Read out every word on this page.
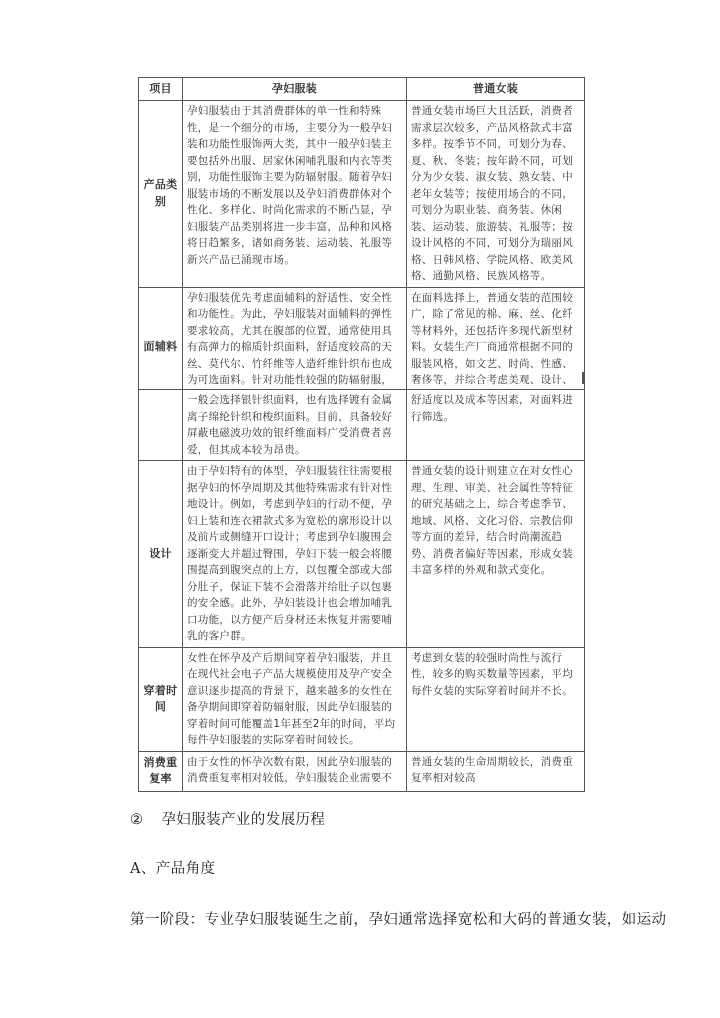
项目	孕妇服装	普通女装
产品类别	孕妇服装由于其消费群体的单一性和特殊性，是一个细分的市场，主要分为一般孕妇装和功能性服饰两大类，其中一般孕妇装主要包括外出服、居家休闲哺乳服和内衣等类别，功能性服饰主要为防辐射服。随着孕妇服装市场的不断发展以及孕妇消费群体对个性化、多样化、时尚化需求的不断凸显，孕妇服装产品类别将进一步丰富，品种和风格将日趋繁多，诸如商务装、运动装、礼服等新兴产品已涌现市场。	普通女装市场巨大且活跃，消费者需求层次较多，产品风格款式丰富多样。按季节不同，可划分为春、夏、秋、冬装；按年龄不同，可划分为少女装、淑女装、熟女装、中老年女装等；按使用场合的不同，可划分为职业装、商务装、休闲装、运动装、旅游装、礼服等；按设计风格的不同，可划分为瑞丽风格、日韩风格、学院风格、欧美风格、通勤风格、民族风格等。
面辅料	孕妇服装优先考虑面辅料的舒适性、安全性和功能性。为此，孕妇服装对面辅料的弹性要求较高，尤其在腹部的位置，通常使用具有高弹力的棉质针织面料，舒适度较高的天丝、莫代尔、竹纤维等人造纤维针织布也成为可选面料。针对功能性较强的防辐射服，	在面料选择上，普通女装的范围较广，除了常见的棉、麻、丝、化纤等材料外，还包括许多现代新型材料。女装生产厂商通常根据不同的服装风格，如文艺、时尚、性感、奢侈等，并综合考虑美观、设计、
	一般会选择银针织面料，也有选择镀有金属离子绵纶针织和梭织面料。目前，具备较好屏蔽电磁波功效的银纤维面料广受消费者喜爱，但其成本较为昂贵。	舒适度以及成本等因素，对面料进行筛选。
设计	由于孕妇特有的体型，孕妇服装往往需要根据孕妇的怀孕周期及其他特殊需求有针对性地设计。例如，考虑到孕妇的行动不便，孕妇上装和连衣裙款式多为宽松的廓形设计以及前片或侧缝开口设计；考虑到孕妇腹围会逐渐变大并超过臀围，孕妇下装一般会将腰围提高到腹突点的上方，以包覆全部或大部分肚子，保证下装不会滑落并给肚子以包裹的安全感。此外，孕妇装设计也会增加哺乳口功能，以方便产后身材还未恢复并需要哺乳的客户群。	普通女装的设计则建立在对女性心理、生理、审美、社会属性等特征的研究基础之上，综合考虑季节、地域、风格、文化习俗、宗教信仰等方面的差异，结合时尚潮流趋势、消费者偏好等因素，形成女装丰富多样的外观和款式变化。
穿着时间	女性在怀孕及产后期间穿着孕妇服装，并且在现代社会电子产品大规模使用及孕产安全意识逐步提高的背景下，越来越多的女性在备孕期间即穿着防辐射服，因此孕妇服装的穿着时间可能覆盖1年甚至2年的时间，平均每件孕妇服装的实际穿着时间较长。	考虑到女装的较强时尚性与流行性，较多的购买数量等因素，平均每件女装的实际穿着时间并不长。
消费重复率	由于女性的怀孕次数有限，因此孕妇服装的消费重复率相对较低，孕妇服装企业需要不	普通女装的生命周期较长，消费重复率相对较高
② 孕妇服装产业的发展历程
A、产品角度
第一阶段：专业孕妇服装诞生之前，孕妇通常选择宽松和大码的普通女装，如运动
